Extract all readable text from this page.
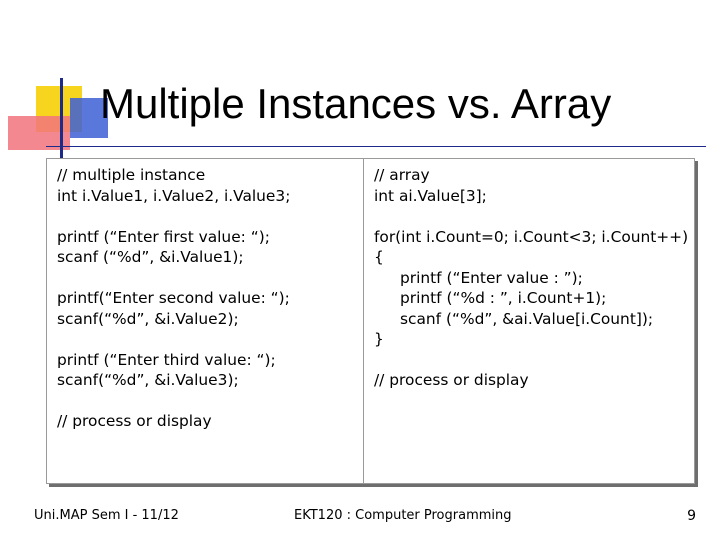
Multiple Instances vs. Array
// multiple instance
int i.Value1, i.Value2, i.Value3;
printf (“Enter first value: “);
scanf (“%d”, &i.Value1);
printf(“Enter second value: “);
scanf(“%d”, &i.Value2);
printf (“Enter third value: “);
scanf(“%d”, &i.Value3);
// process or display
// array
int ai.Value[3];
for(int i.Count=0; i.Count<3; i.Count++)
{
printf (“Enter value : ”);
printf (“%d : ”, i.Count+1);
scanf (“%d”, &ai.Value[i.Count]);
}
// process or display
Uni.MAP Sem I - 11/12	EKT120 : Computer Programming	9
